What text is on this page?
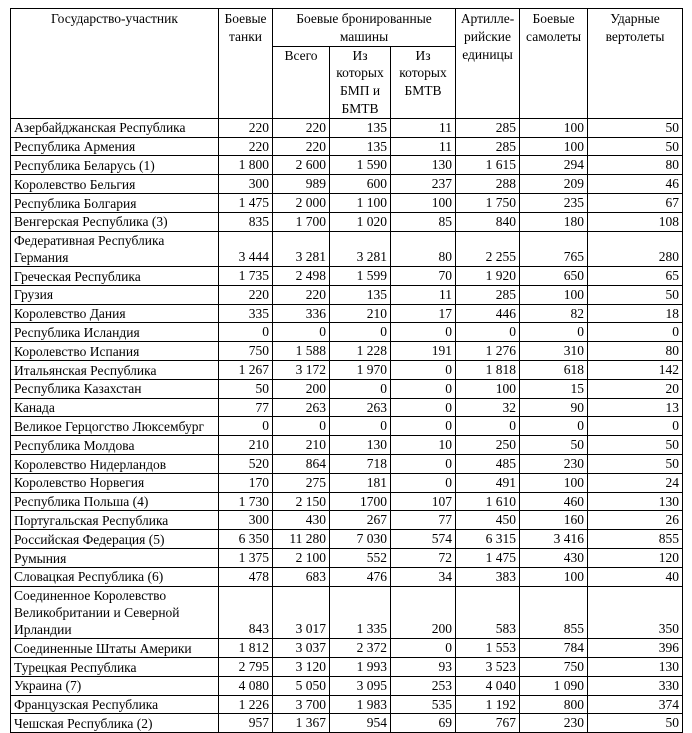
Государство-участник	Боевые танки	Боевые бронированные машины			Артилле-рийские единицы	Боевые самолеты	Ударные вертолеты
		Всего	Из которых БМП и БМТВ	Из которых БМТВ			
Азербайджанская Республика	220	220	135	11	285	100	50
Республика Армения	220	220	135	11	285	100	50
Республика Беларусь (1)	1 800	2 600	1 590	130	1 615	294	80
Королевство Бельгия	300	989	600	237	288	209	46
Республика Болгария	1 475	2 000	1 100	100	1 750	235	67
Венгерская Республика (3)	835	1 700	1 020	85	840	180	108
Федеративная Республика Германия	3 444	3 281	3 281	80	2 255	765	280
Греческая Республика	1 735	2 498	1 599	70	1 920	650	65
Грузия	220	220	135	11	285	100	50
Королевство Дания	335	336	210	17	446	82	18
Республика Исландия	0	0	0	0	0	0	0
Королевство Испания	750	1 588	1 228	191	1 276	310	80
Итальянская Республика	1 267	3 172	1 970	0	1 818	618	142
Республика Казахстан	50	200	0	0	100	15	20
Канада	77	263	263	0	32	90	13
Великое Герцогство Люксембург	0	0	0	0	0	0	0
Республика Молдова	210	210	130	10	250	50	50
Королевство Нидерландов	520	864	718	0	485	230	50
Королевство Норвегия	170	275	181	0	491	100	24
Республика Польша (4)	1 730	2 150	1700	107	1 610	460	130
Португальская Республика	300	430	267	77	450	160	26
Российская Федерация (5)	6 350	11 280	7 030	574	6 315	3 416	855
Румыния	1 375	2 100	552	72	1 475	430	120
Словацкая Республика (6)	478	683	476	34	383	100	40
Соединенное Королевство Великобритании и Северной Ирландии	843	3 017	1 335	200	583	855	350
Соединенные Штаты Америки	1 812	3 037	2 372	0	1 553	784	396
Турецкая Республика	2 795	3 120	1 993	93	3 523	750	130
Украина (7)	4 080	5 050	3 095	253	4 040	1 090	330
Французская Республика	1 226	3 700	1 983	535	1 192	800	374
Чешская Республика (2)	957	1 367	954	69	767	230	50
